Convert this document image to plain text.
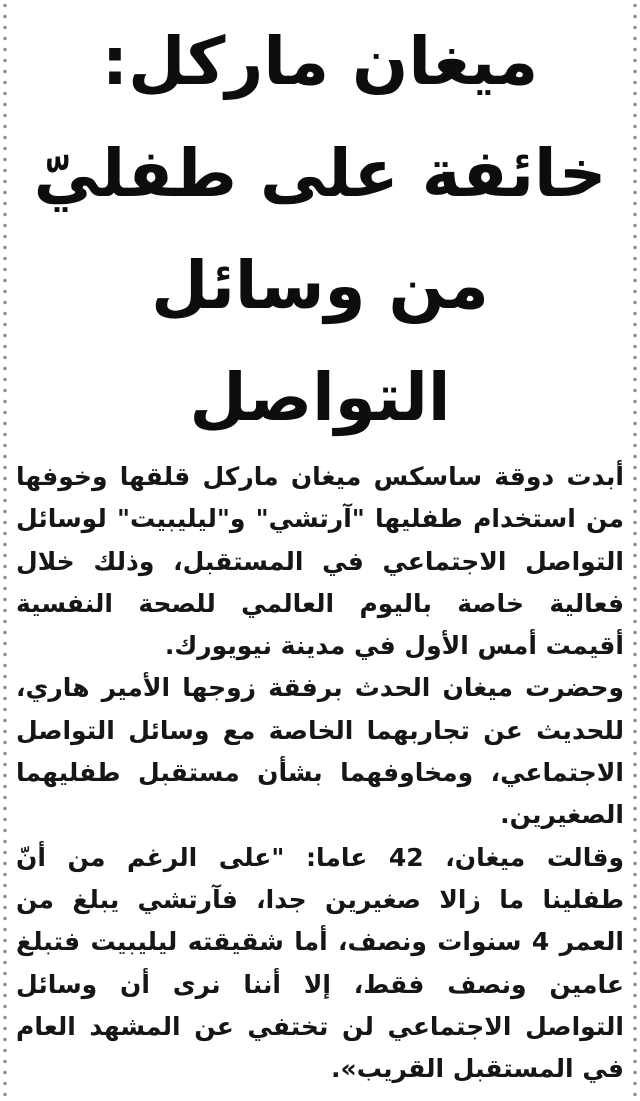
ميغان ماركل: خائفة على طفليّ من وسائل التواصل

أبدت دوقة ساسكس ميغان ماركل قلقها وخوفها من استخدام طفليها "آرتشي" و"ليليبيت" لوسائل التواصل الاجتماعي في المستقبل، وذلك خلال فعالية خاصة باليوم العالمي للصحة النفسية أقيمت أمس الأول في مدينة نيويورك.

وحضرت ميغان الحدث برفقة زوجها الأمير هاري، للحديث عن تجاربهما الخاصة مع وسائل التواصل الاجتماعي، ومخاوفهما بشأن مستقبل طفليهما الصغيرين.

وقالت ميغان، 42 عاما: "على الرغم من أنّ طفلينا ما زالا صغيرين جدا، فآرتشي يبلغ من العمر 4 سنوات ونصف، أما شقيقته ليليبيت فتبلغ عامين ونصف فقط، إلا أننا نرى أن وسائل التواصل الاجتماعي لن تختفي عن المشهد العام في المستقبل القريب».
